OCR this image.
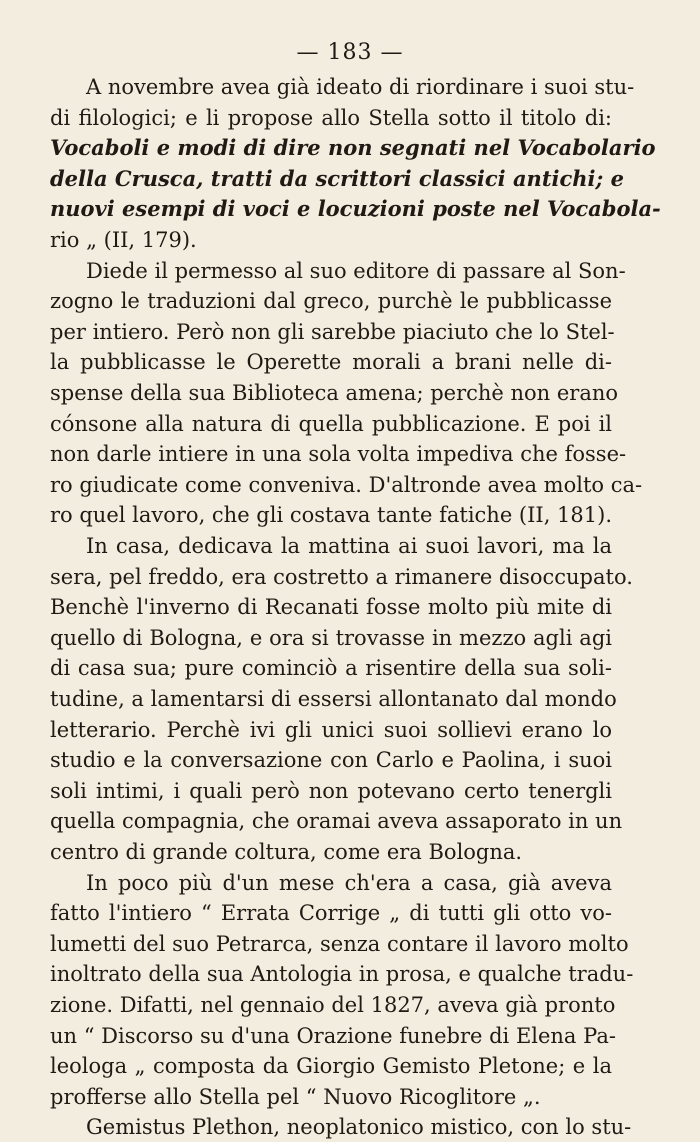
— 183 —
A novembre avea già ideato di riordinare i suoi stu-
di filologici; e li propose allo Stella sotto il titolo di:
Vocaboli e modi di dire non segnati nel Vocabolario
della Crusca, tratti da scrittori classici antichi; e
nuovi esempi di voci e locuzioni poste nel Vocabola-
rio „ (II, 179).
Diede il permesso al suo editore di passare al Son-
zogno le traduzioni dal greco, purchè le pubblicasse
per intiero. Però non gli sarebbe piaciuto che lo Stel-
la pubblicasse le Operette morali a brani nelle di-
spense della sua Biblioteca amena; perchè non erano
cónsone alla natura di quella pubblicazione. E poi il
non darle intiere in una sola volta impediva che fosse-
ro giudicate come conveniva. D'altronde avea molto ca-
ro quel lavoro, che gli costava tante fatiche (II, 181).
In casa, dedicava la mattina ai suoi lavori, ma la
sera, pel freddo, era costretto a rimanere disoccupato.
Benchè l'inverno di Recanati fosse molto più mite di
quello di Bologna, e ora si trovasse in mezzo agli agi
di casa sua; pure cominciò a risentire della sua soli-
tudine, a lamentarsi di essersi allontanato dal mondo
letterario. Perchè ivi gli unici suoi sollievi erano lo
studio e la conversazione con Carlo e Paolina, i suoi
soli intimi, i quali però non potevano certo tenergli
quella compagnia, che oramai aveva assaporato in un
centro di grande coltura, come era Bologna.
In poco più d'un mese ch'era a casa, già aveva
fatto l'intiero “ Errata Corrige „ di tutti gli otto vo-
lumetti del suo Petrarca, senza contare il lavoro molto
inoltrato della sua Antologia in prosa, e qualche tradu-
zione. Difatti, nel gennaio del 1827, aveva già pronto
un “ Discorso su d'una Orazione funebre di Elena Pa-
leologa „ composta da Giorgio Gemisto Pletone; e la
profferse allo Stella pel “ Nuovo Ricoglitore „.
Gemistus Plethon, neoplatonico mistico, con lo stu-
